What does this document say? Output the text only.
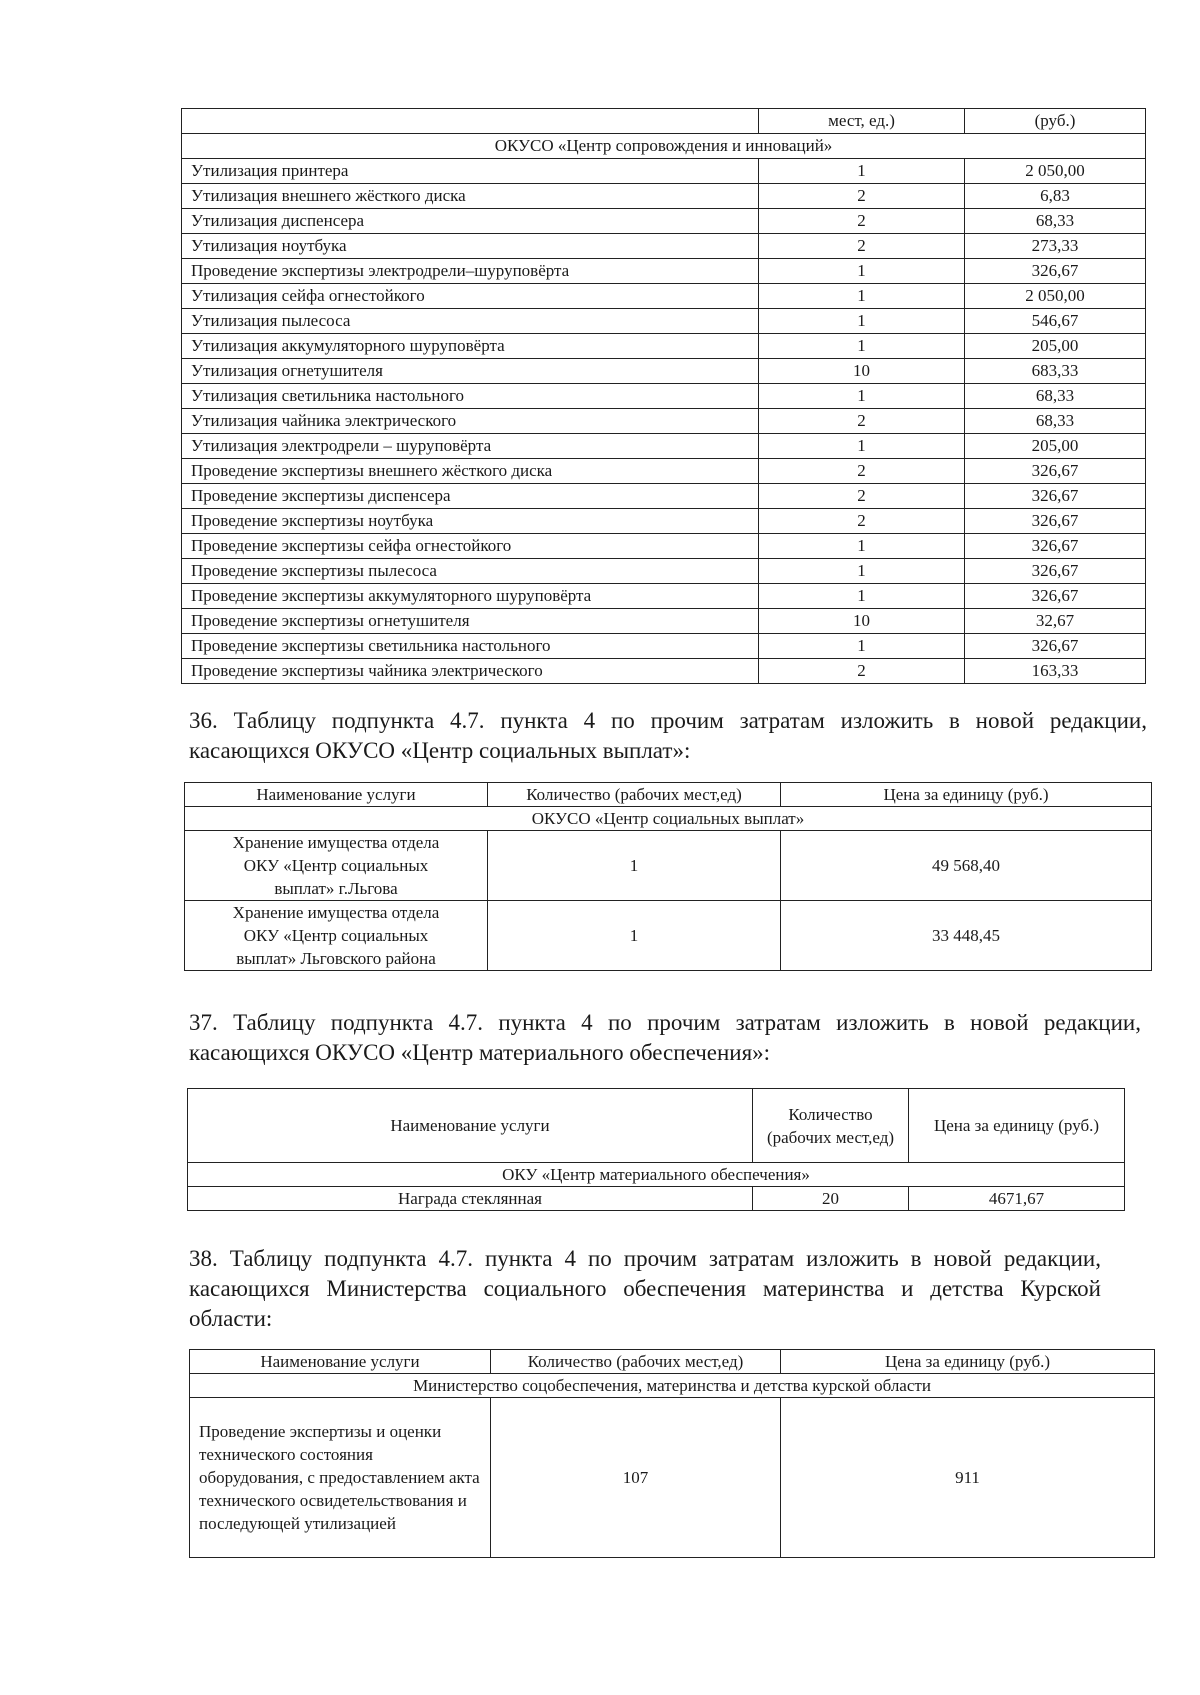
	мест, ед.)	(руб.)
ОКУСО «Центр сопровождения и инноваций»		
Утилизация принтера	1	2 050,00
Утилизация внешнего жёсткого диска	2	6,83
Утилизация диспенсера	2	68,33
Утилизация ноутбука	2	273,33
Проведение экспертизы электродрели–шуруповёрта	1	326,67
Утилизация сейфа огнестойкого	1	2 050,00
Утилизация пылесоса	1	546,67
Утилизация аккумуляторного шуруповёрта	1	205,00
Утилизация огнетушителя	10	683,33
Утилизация светильника настольного	1	68,33
Утилизация чайника электрического	2	68,33
Утилизация электродрели – шуруповёрта	1	205,00
Проведение экспертизы внешнего жёсткого диска	2	326,67
Проведение экспертизы диспенсера	2	326,67
Проведение экспертизы ноутбука	2	326,67
Проведение экспертизы сейфа огнестойкого	1	326,67
Проведение экспертизы пылесоса	1	326,67
Проведение экспертизы аккумуляторного шуруповёрта	1	326,67
Проведение экспертизы огнетушителя	10	32,67
Проведение экспертизы светильника настольного	1	326,67
Проведение экспертизы чайника электрического	2	163,33
36. Таблицу подпункта 4.7. пункта 4 по прочим затратам изложить в новой редакции, касающихся ОКУСО «Центр социальных выплат»:
Наименование услуги	Количество (рабочих мест,ед)	Цена за единицу (руб.)
ОКУСО «Центр социальных выплат»		
Хранение имущества отдела ОКУ «Центр социальных выплат» г.Льгова	1	49 568,40
Хранение имущества отдела ОКУ «Центр социальных выплат» Льговского района	1	33 448,45
37. Таблицу подпункта 4.7. пункта 4 по прочим затратам изложить в новой редакции, касающихся ОКУСО «Центр материального обеспечения»:
Наименование услуги	Количество (рабочих мест,ед)	Цена за единицу (руб.)
ОКУ «Центр материального обеспечения»		
Награда стеклянная	20	4671,67
38. Таблицу подпункта 4.7. пункта 4 по прочим затратам изложить в новой редакции, касающихся Министерства социального обеспечения материнства и детства Курской области:
Наименование услуги	Количество (рабочих мест,ед)	Цена за единицу (руб.)
Министерство соцобеспечения, материнства и детства курской области		
Проведение экспертизы и оценки технического состояния оборудования, с предоставлением акта технического освидетельствования и последующей утилизацией	107	911
